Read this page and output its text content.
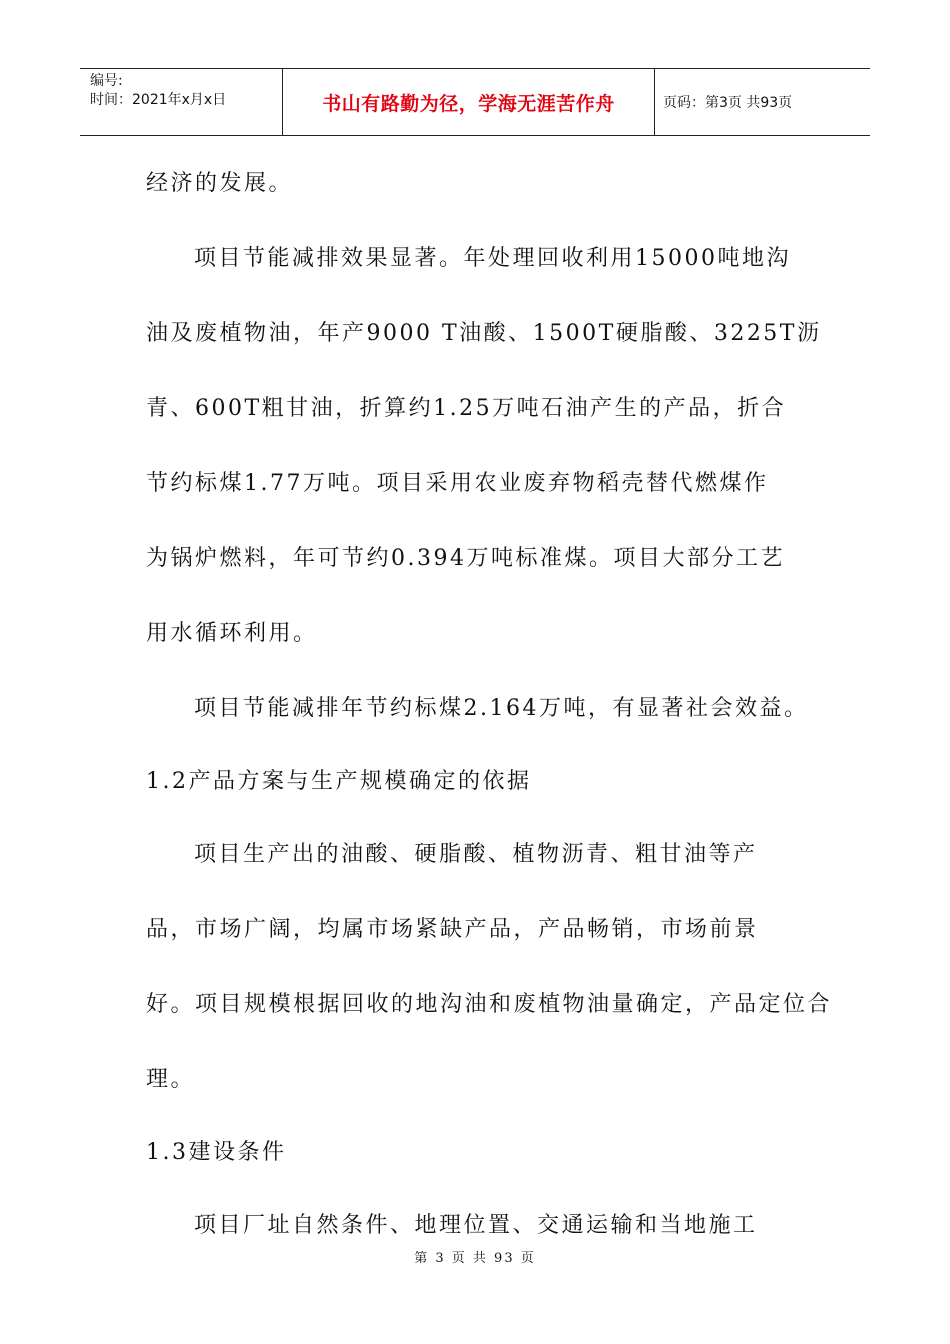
编号:
时间：2021年x月x日	书山有路勤为径，学海无涯苦作舟	页码：第3页 共93页
经济的发展。
项目节能减排效果显著。年处理回收利用15000吨地沟
油及废植物油，年产9000 T油酸、1500T硬脂酸、3225T沥
青、600T粗甘油，折算约1.25万吨石油产生的产品，折合
节约标煤1.77万吨。项目采用农业废弃物稻壳替代燃煤作
为锅炉燃料，年可节约0.394万吨标准煤。项目大部分工艺
用水循环利用。
项目节能减排年节约标煤2.164万吨，有显著社会效益。
1.2产品方案与生产规模确定的依据
项目生产出的油酸、硬脂酸、植物沥青、粗甘油等产
品，市场广阔，均属市场紧缺产品，产品畅销，市场前景
好。项目规模根据回收的地沟油和废植物油量确定，产品定位合
理。
1.3建设条件
项目厂址自然条件、地理位置、交通运输和当地施工
第 3 页 共 93 页
